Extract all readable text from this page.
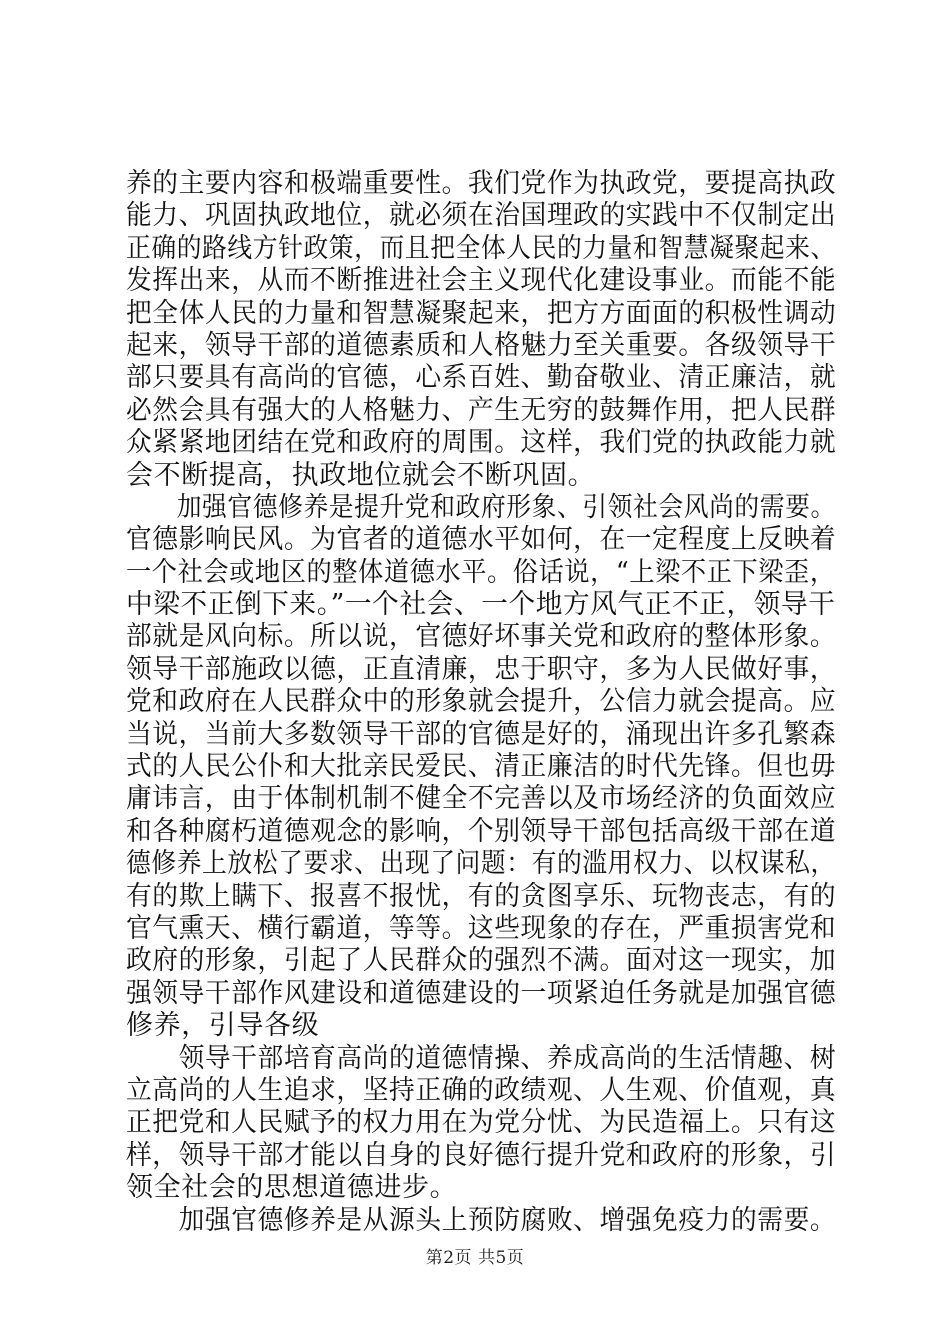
养的主要内容和极端重要性。我们党作为执政党，要提高执政
能力、巩固执政地位，就必须在治国理政的实践中不仅制定出
正确的路线方针政策，而且把全体人民的力量和智慧凝聚起来、
发挥出来，从而不断推进社会主义现代化建设事业。而能不能
把全体人民的力量和智慧凝聚起来，把方方面面的积极性调动
起来，领导干部的道德素质和人格魅力至关重要。各级领导干
部只要具有高尚的官德，心系百姓、勤奋敬业、清正廉洁，就
必然会具有强大的人格魅力、产生无穷的鼓舞作用，把人民群
众紧紧地团结在党和政府的周围。这样，我们党的执政能力就
会不断提高，执政地位就会不断巩固。
　　加强官德修养是提升党和政府形象、引领社会风尚的需要。
官德影响民风。为官者的道德水平如何，在一定程度上反映着
一个社会或地区的整体道德水平。俗话说，“上梁不正下梁歪，
中梁不正倒下来。”一个社会、一个地方风气正不正，领导干
部就是风向标。所以说，官德好坏事关党和政府的整体形象。
领导干部施政以德，正直清廉，忠于职守，多为人民做好事，
党和政府在人民群众中的形象就会提升，公信力就会提高。应
当说，当前大多数领导干部的官德是好的，涌现出许多孔繁森
式的人民公仆和大批亲民爱民、清正廉洁的时代先锋。但也毋
庸讳言，由于体制机制不健全不完善以及市场经济的负面效应
和各种腐朽道德观念的影响，个别领导干部包括高级干部在道
德修养上放松了要求、出现了问题：有的滥用权力、以权谋私，
有的欺上瞒下、报喜不报忧，有的贪图享乐、玩物丧志，有的
官气熏天、横行霸道，等等。这些现象的存在，严重损害党和
政府的形象，引起了人民群众的强烈不满。面对这一现实，加
强领导干部作风建设和道德建设的一项紧迫任务就是加强官德
修养，引导各级
　　领导干部培育高尚的道德情操、养成高尚的生活情趣、树
立高尚的人生追求，坚持正确的政绩观、人生观、价值观，真
正把党和人民赋予的权力用在为党分忧、为民造福上。只有这
样，领导干部才能以自身的良好德行提升党和政府的形象，引
领全社会的思想道德进步。
　　加强官德修养是从源头上预防腐败、增强免疫力的需要。
第2页 共5页
